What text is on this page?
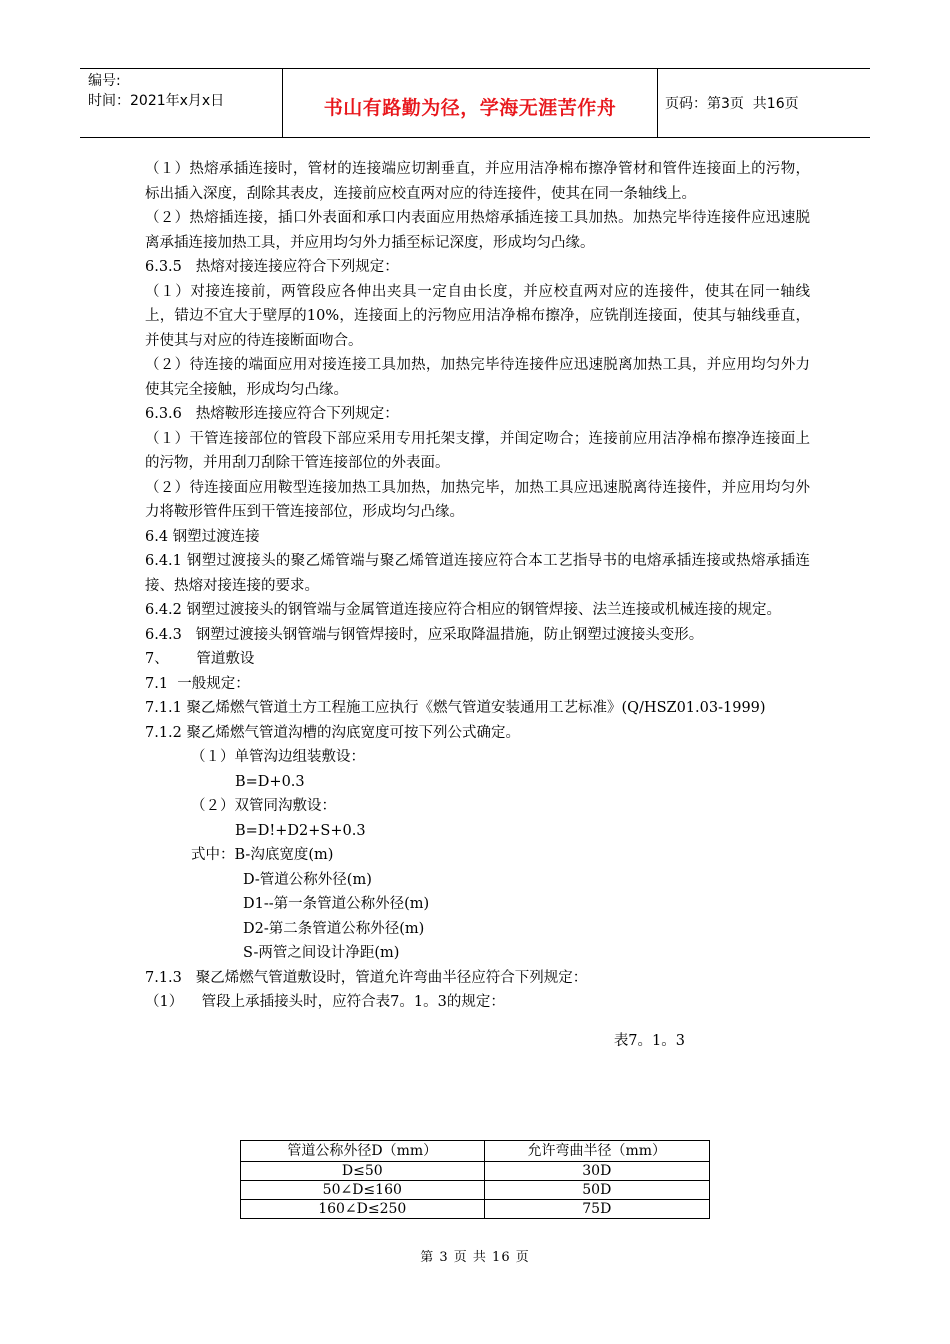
编号:
时间：2021年x月x日	书山有路勤为径，学海无涯苦作舟	页码：第3页  共16页

（１）热熔承插连接时，管材的连接端应切割垂直，并应用洁净棉布擦净管材和管件连接面上的污物，标出插入深度，刮除其表皮，连接前应校直两对应的待连接件，使其在同一条轴线上。

（２）热熔插连接，插口外表面和承口内表面应用热熔承插连接工具加热。加热完毕待连接件应迅速脱离承插连接加热工具，并应用均匀外力插至标记深度，形成均匀凸缘。

6.3.5   热熔对接连接应符合下列规定：

（１）对接连接前，两管段应各伸出夹具一定自由长度，并应校直两对应的连接件，使其在同一轴线上，错边不宜大于壁厚的10%，连接面上的污物应用洁净棉布擦净，应铣削连接面，使其与轴线垂直，并使其与对应的待连接断面吻合。

（２）待连接的端面应用对接连接工具加热，加热完毕待连接件应迅速脱离加热工具，并应用均匀外力使其完全接触，形成均匀凸缘。

6.3.6   热熔鞍形连接应符合下列规定：

（１）干管连接部位的管段下部应采用专用托架支撑，并闺定吻合；连接前应用洁净棉布擦净连接面上的污物，并用刮刀刮除干管连接部位的外表面。

（２）待连接面应用鞍型连接加热工具加热，加热完毕，加热工具应迅速脱离待连接件，并应用均匀外力将鞍形管件压到干管连接部位，形成均匀凸缘。

6.4 钢塑过渡连接

6.4.1 钢塑过渡接头的聚乙烯管端与聚乙烯管道连接应符合本工艺指导书的电熔承插连接或热熔承插连接、热熔对接连接的要求。

6.4.2 钢塑过渡接头的钢管端与金属管道连接应符合相应的钢管焊接、法兰连接或机械连接的规定。

6.4.3   钢塑过渡接头钢管端与钢管焊接时，应采取降温措施，防止钢塑过渡接头变形。

7、      管道敷设

7.1  一般规定：

7.1.1 聚乙烯燃气管道土方工程施工应执行《燃气管道安装通用工艺标准》(Q/HSZ01.03-1999)

7.1.2 聚乙烯燃气管道沟槽的沟底宽度可按下列公式确定。

（１）单管沟边组装敷设：

B=D+0.3

（２）双管同沟敷设：

B=D!+D2+S+0.3

式中：B-沟底宽度(m)

D-管道公称外径(m)

D1--第一条管道公称外径(m)

D2-第二条管道公称外径(m)

S-两管之间设计净距(m)

7.1.3   聚乙烯燃气管道敷设时，管道允许弯曲半径应符合下列规定：

（1）    管段上承插接头时，应符合表7。1。3的规定：

表7。1。3

管道公称外径D（mm）	允许弯曲半径（mm）
D≤50	30D
50∠D≤160	50D
160∠D≤250	75D
第 3 页 共 16 页
